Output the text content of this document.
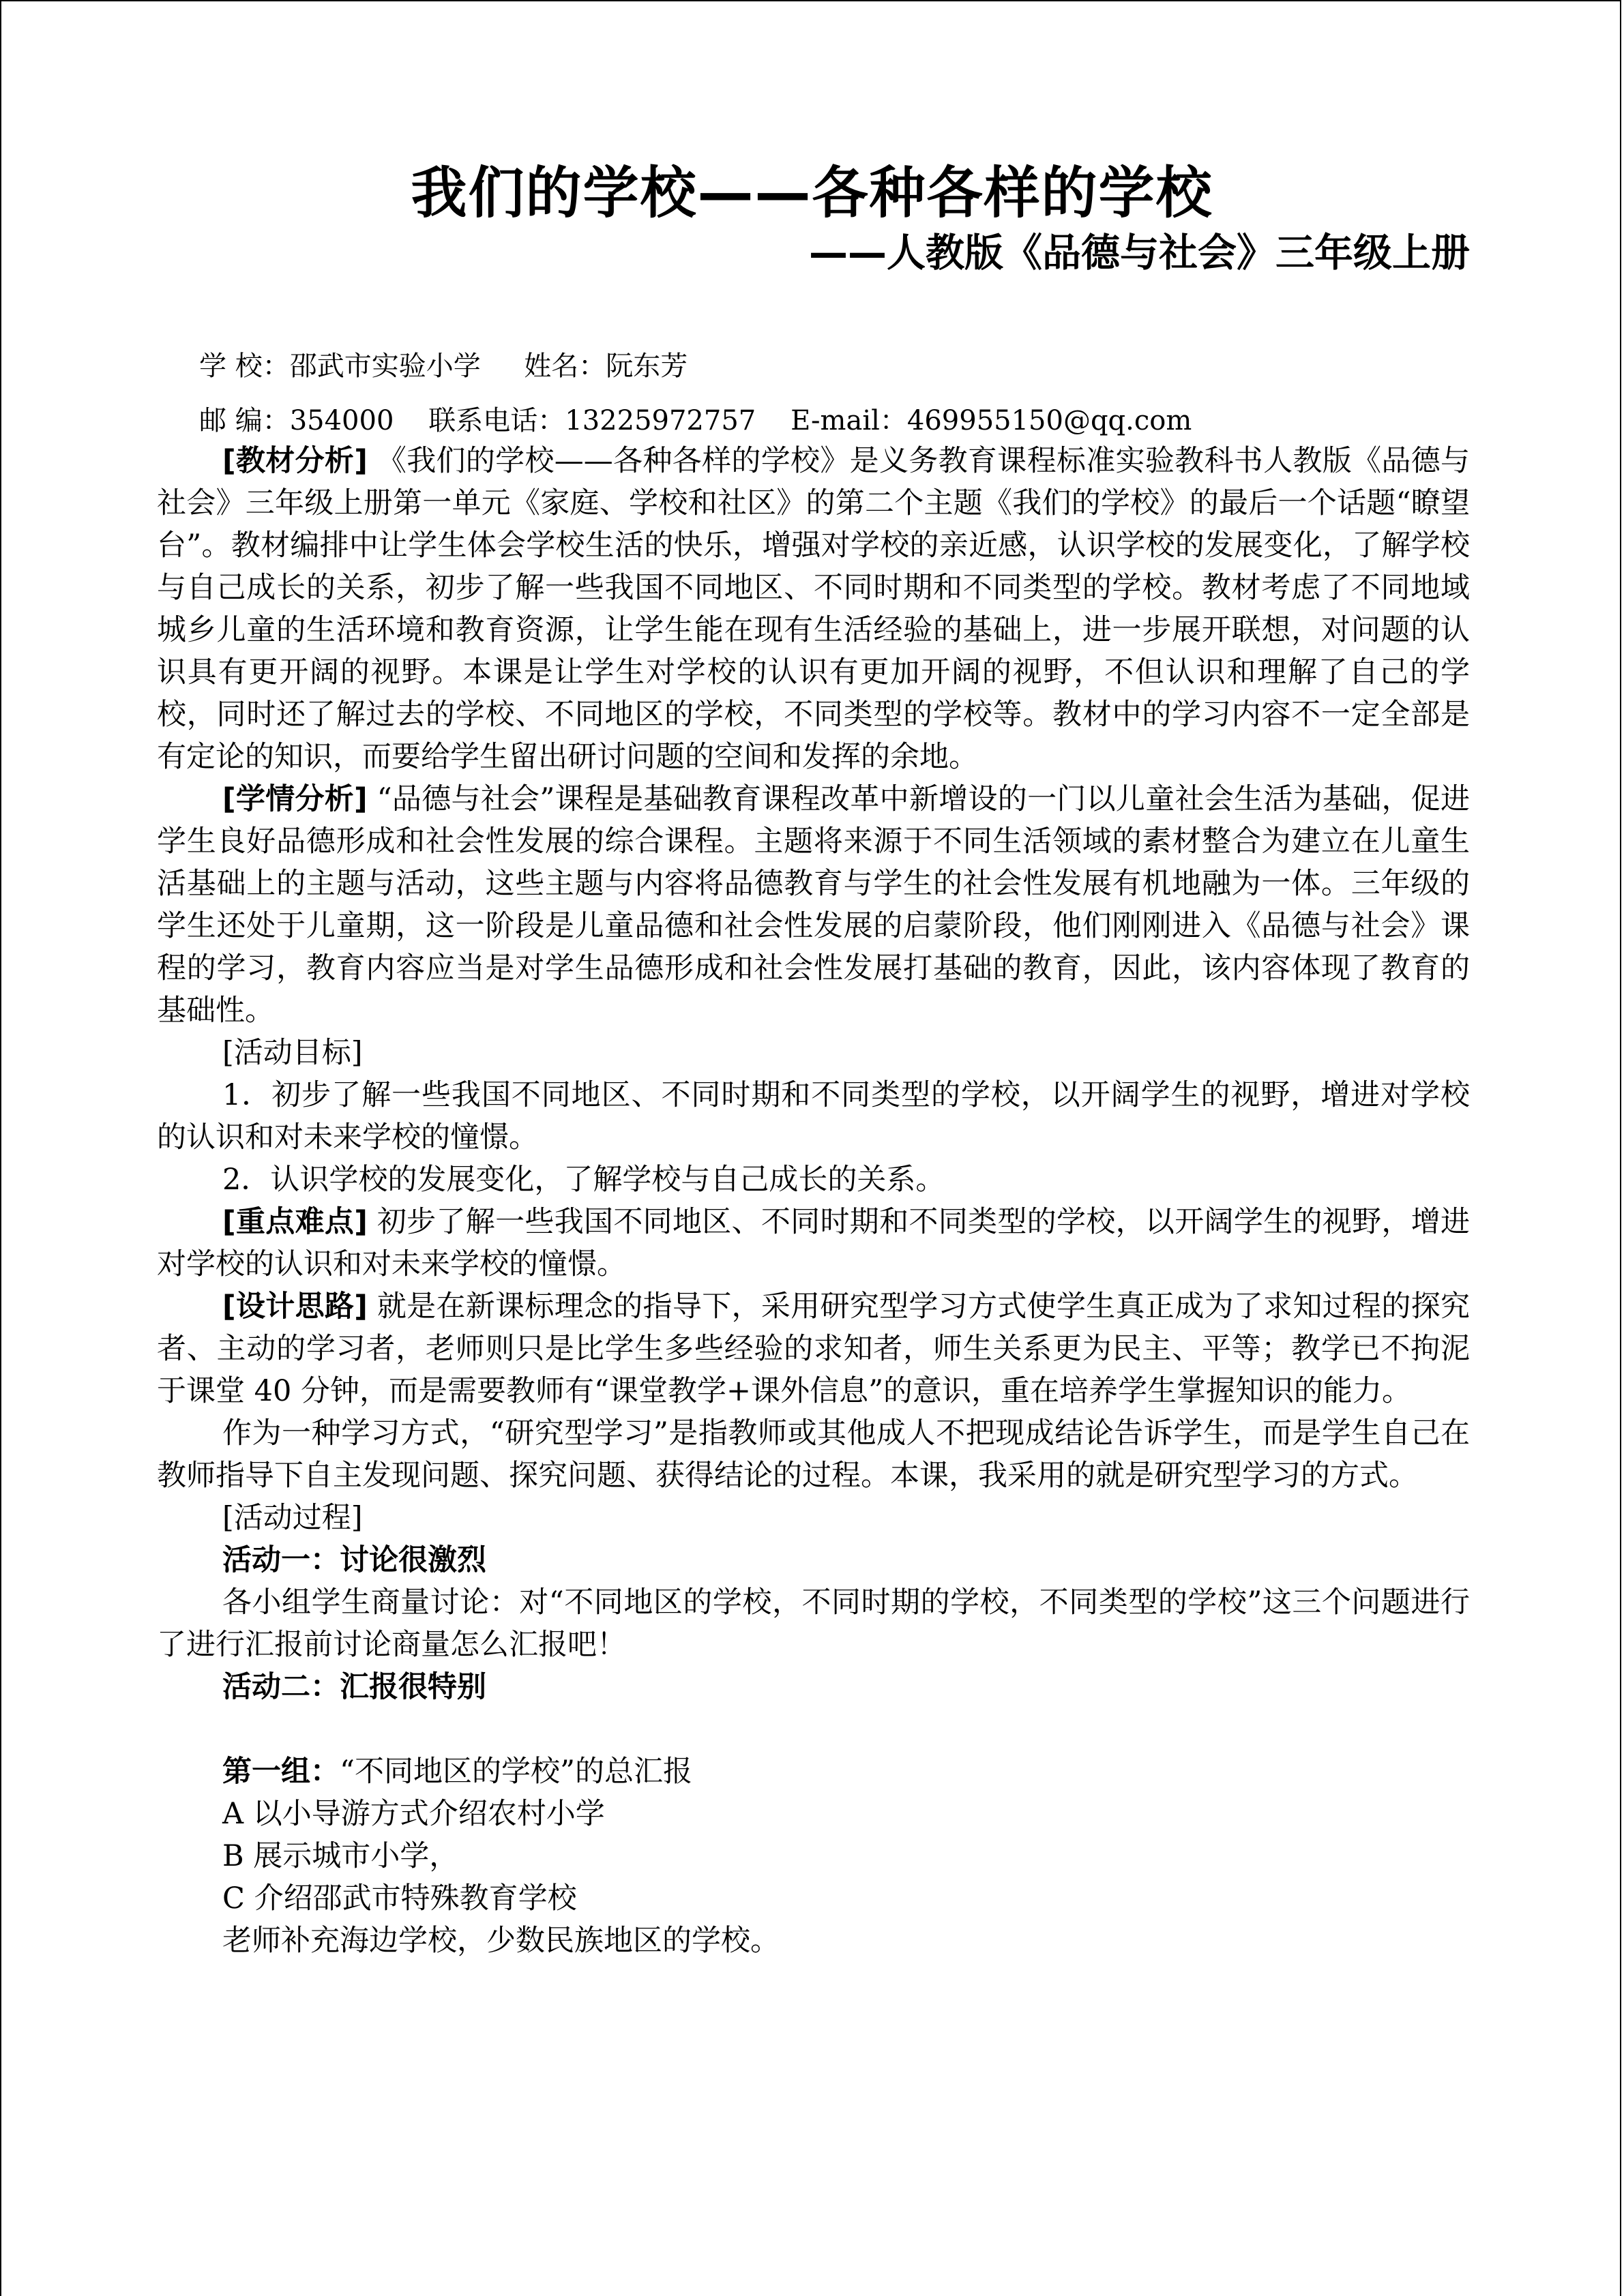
我们的学校——各种各样的学校
——人教版《品德与社会》三年级上册
学 校：邵武市实验小学 姓名：阮东芳
邮 编：354000 联系电话：13225972757 E-mail：469955150@qq.com

[教材分析] 《我们的学校——各种各样的学校》是义务教育课程标准实验教科书人教版《品德与社会》三年级上册第一单元《家庭、学校和社区》的第二个主题《我们的学校》的最后一个话题“瞭望台”。教材编排中让学生体会学校生活的快乐，增强对学校的亲近感，认识学校的发展变化，了解学校与自己成长的关系，初步了解一些我国不同地区、不同时期和不同类型的学校。教材考虑了不同地域城乡儿童的生活环境和教育资源，让学生能在现有生活经验的基础上，进一步展开联想，对问题的认识具有更开阔的视野。本课是让学生对学校的认识有更加开阔的视野，不但认识和理解了自己的学校，同时还了解过去的学校、不同地区的学校，不同类型的学校等。教材中的学习内容不一定全部是有定论的知识，而要给学生留出研讨问题的空间和发挥的余地。

[学情分析] “品德与社会”课程是基础教育课程改革中新增设的一门以儿童社会生活为基础，促进学生良好品德形成和社会性发展的综合课程。主题将来源于不同生活领域的素材整合为建立在儿童生活基础上的主题与活动，这些主题与内容将品德教育与学生的社会性发展有机地融为一体。三年级的学生还处于儿童期，这一阶段是儿童品德和社会性发展的启蒙阶段，他们刚刚进入《品德与社会》课程的学习，教育内容应当是对学生品德形成和社会性发展打基础的教育，因此，该内容体现了教育的基础性。

[活动目标]

1．初步了解一些我国不同地区、不同时期和不同类型的学校，以开阔学生的视野，增进对学校的认识和对未来学校的憧憬。

2．认识学校的发展变化，了解学校与自己成长的关系。

[重点难点] 初步了解一些我国不同地区、不同时期和不同类型的学校，以开阔学生的视野，增进对学校的认识和对未来学校的憧憬。

[设计思路] 就是在新课标理念的指导下，采用研究型学习方式使学生真正成为了求知过程的探究者、主动的学习者，老师则只是比学生多些经验的求知者，师生关系更为民主、平等；教学已不拘泥于课堂 40 分钟，而是需要教师有“课堂教学+课外信息”的意识，重在培养学生掌握知识的能力。

作为一种学习方式，“研究型学习”是指教师或其他成人不把现成结论告诉学生，而是学生自己在教师指导下自主发现问题、探究问题、获得结论的过程。本课，我采用的就是研究型学习的方式。

[活动过程]

活动一：讨论很激烈

各小组学生商量讨论：对“不同地区的学校，不同时期的学校，不同类型的学校”这三个问题进行了进行汇报前讨论商量怎么汇报吧！

活动二：汇报很特别

第一组：“不同地区的学校”的总汇报

A 以小导游方式介绍农村小学

B 展示城市小学，

C 介绍邵武市特殊教育学校

老师补充海边学校，少数民族地区的学校。
